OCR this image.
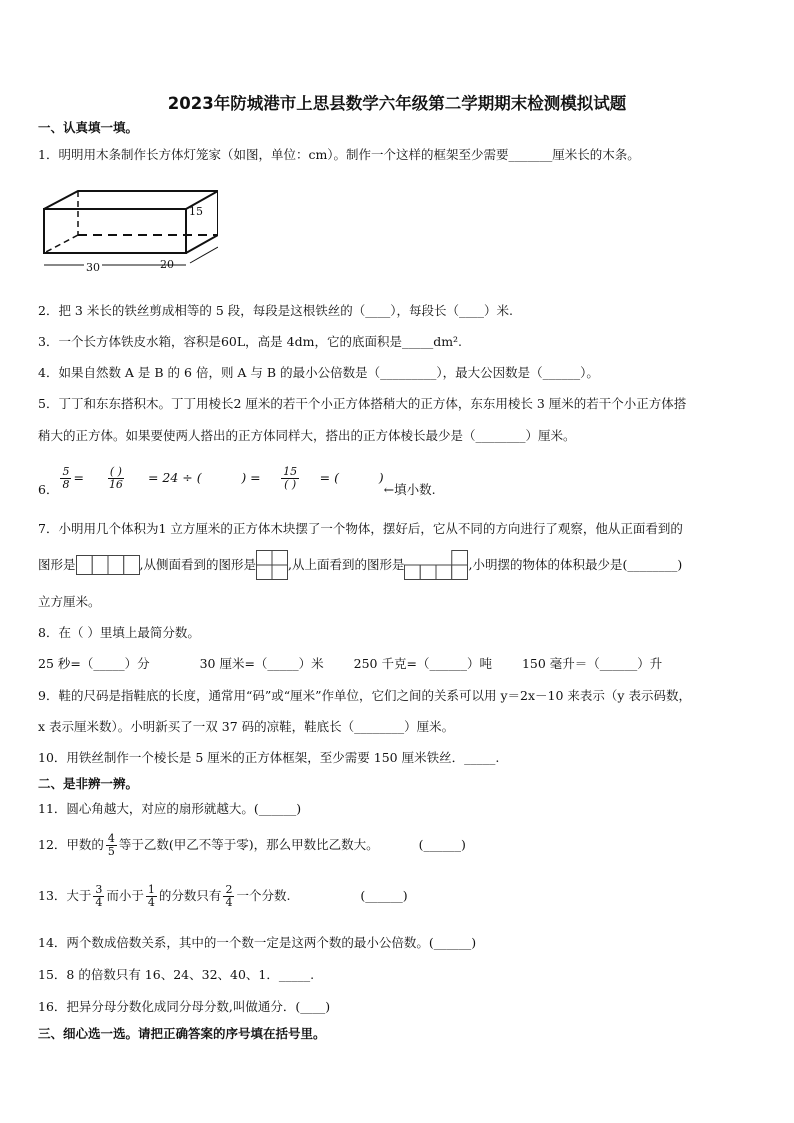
2023年防城港市上思县数学六年级第二学期期末检测模拟试题
一、认真填一填。
1．明明用木条制作长方体灯笼家（如图，单位：cm）。制作一个这样的框架至少需要_______厘米长的木条。
15
30	20
2．把 3 米长的铁丝剪成相等的 5 段，每段是这根铁丝的（____），每段长（____）米.
3．一个长方体铁皮水箱，容积是60L，高是 4dm，它的底面积是_____dm².
4．如果自然数 A 是 B 的 6 倍，则 A 与 B 的最小公倍数是（_________），最大公因数是（______）。
5．丁丁和东东搭积木。丁丁用棱长2 厘米的若干个小正方体搭稍大的正方体，东东用棱长 3 厘米的若干个小正方体搭
稍大的正方体。如果要使两人搭出的正方体同样大，搭出的正方体棱长最少是（________）厘米。
6． $\frac{5}{8} = \frac{( )}{16} = 24$ ÷ (          ) = $\frac{15}{( )}$ = (          )
←填小数.
7．小明用几个体积为1 立方厘米的正方体木块摆了一个物体，摆好后，它从不同的方向进行了观察，他从正面看到的
图形是	,从侧面看到的图形是	,从上面看到的图形是	,小明摆的物体的体积最少是(________)
立方厘米。
8．在（ ）里填上最简分数。
25 秒=（_____）分	30 厘米=（_____）米 250 千克=（______）吨 150 毫升＝（______）升
9．鞋的尺码是指鞋底的长度，通常用“码”或“厘米”作单位，它们之间的关系可以用 y＝2x－10 来表示（y 表示码数，
x 表示厘米数）。小明新买了一双 37 码的凉鞋，鞋底长（________）厘米。
10．用铁丝制作一个棱长是 5 厘米的正方体框架，至少需要 150 厘米铁丝．_____.
二、是非辨一辨。
11．圆心角越大，对应的扇形就越大。(______)
12．甲数的 $\frac{4}{5}$ 等于乙数(甲乙不等于零)，那么甲数比乙数大。	(______)
13．大于 $\frac{3}{4}$ 而小于 $\frac{1}{4}$ 的分数只有 $\frac{2}{4}$ 一个分数.	(______)
14．两个数成倍数关系，其中的一个数一定是这两个数的最小公倍数。(______)
15．8 的倍数只有 16、24、32、40、1．_____.
16．把异分母分数化成同分母分数,叫做通分．(____)
三、细心选一选。请把正确答案的序号填在括号里。
